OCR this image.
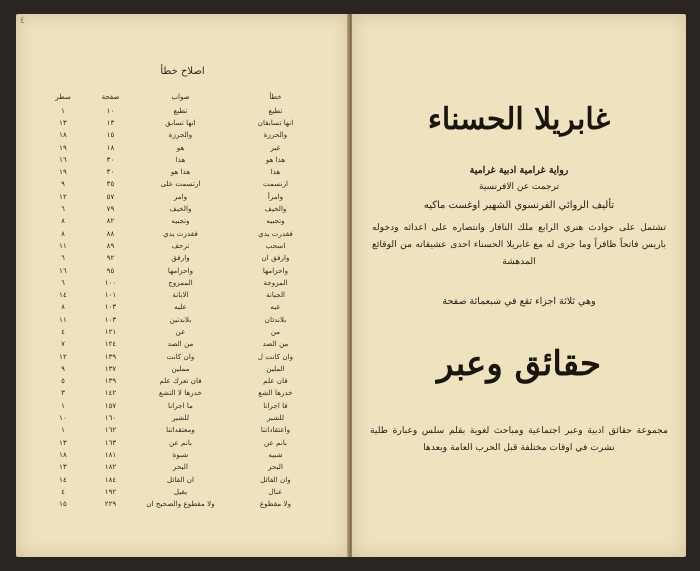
٤
اصلاح خطأ
خطأ	صواب	صفحة	سطر
تطيع	تطيع	١٠	١
انها تسابقان	انها تسابق	١٣	١٣
والحرزة	والجرزة	١٥	١٨
غير	هو	١٨	١٩
هذا هو	هذا	٣٠	١٦
هذا	هذا هو	٣٠	١٩
ارنسمت	ارتسمت على	٣٥	٩
وامرأ	وامر	٥٧	١٢
والخيف	والخيف	٧٩	٦
وتجبيه	وتجبيه	٨٢	٨
فقدرت يدي	فقدرت يدي	٨٨	٨
اسحب	ترحف	٨٩	١١
وارفق ان	وارفق	٩٢	٦
واحزامها	واحزامها	٩٥	١٦
المزوجة	الممزوج	١٠٠	٦
الجبانة	الابانة	١٠١	١٤
عيه	عليه	١٠٣	٨
بلاندئان	بلاندتين	١٠٣	١١
من	عن	١٢١	٤
من الصد	من الصد	١٢٤	٧
وان كانت ل	وان كانت	١٣٩	١٢
الملين	مملين	١٣٧	٩
فان علم	فان تعرك علم	١٣٩	٥
خدرها الشع	خدرها لا التشع	١٤٢	٣
فا اجرانا	ما اجرانا	١٥٧	١
للشير	للشير	١٦٠	١٠
واعتقاداتنا	ومعتقداتنا	١٦٢	١
بانم عن	بانم عن	١٦٣	١٣
شبيه	شبوة	١٨١	١٨
البحر	البحر	١٨٢	١٣
وان القائل	ان القائل	١٨٤	١٤
عنال	يقيل	١٩٢	٤
ولا مقطوع	ولا مقطوع والصحيح ان	٢٢٩	١٥
غابريلا الحسناء
رواية غرامية ادبية غرامية
ترجمت عن الافرنسية
تأليف الروائي الفرنسوي الشهير اوغست ماكيه
تشتمل على حوادث هنري الرابع ملك النافار وانتصاره على اعدائه ودخوله باريس فاتحاً ظافراً وما جرى له مع غابريلا الحسناء احدى عشيقاته من الوقائع المدهشة
وهي ثلاثة اجزاء تقع في سبعمائة صفحة
حقائق وعبر
مجموعة حقائق ادبية وعبر اجتماعية ومباحث لغوية بقلم سلس وعبارة طلية نشرت في اوقات مختلفة قبل الحرب العامة وبعدها
